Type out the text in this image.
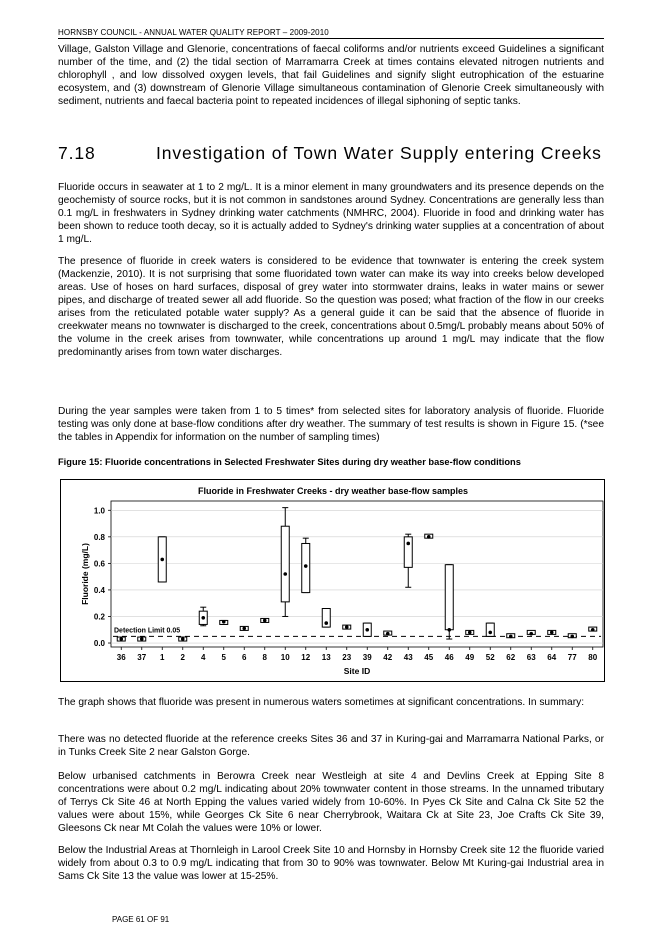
HORNSBY COUNCIL - ANNUAL WATER QUALITY REPORT – 2009-2010

Village, Galston Village and Glenorie, concentrations of faecal coliforms and/or nutrients exceed Guidelines a significant number of the time, and (2) the tidal section of Marramarra Creek at times contains elevated nitrogen nutrients and chlorophyll , and low dissolved oxygen levels, that fail Guidelines and signify slight eutrophication of the estuarine ecosystem, and (3) downstream of Glenorie Village simultaneous contamination of Glenorie Creek simultaneously with sediment, nutrients and faecal bacteria point to repeated incidences of illegal siphoning of septic tanks.

7.18	Investigation of Town Water Supply entering Creeks

Fluoride occurs in seawater at 1 to 2 mg/L. It is a minor element in many groundwaters and its presence depends on the geochemisty of source rocks, but it is not common in sandstones around Sydney. Concentrations are generally less than 0.1 mg/L in freshwaters in Sydney drinking water catchments (NMHRC, 2004). Fluoride in food and drinking water has been shown to reduce tooth decay, so it is actually added to Sydney's drinking water supplies at a concentration of about 1 mg/L.

The presence of fluoride in creek waters is considered to be evidence that townwater is entering the creek system (Mackenzie, 2010). It is not surprising that some fluoridated town water can make its way into creeks below developed areas. Use of hoses on hard surfaces, disposal of grey water into stormwater drains, leaks in water mains or sewer pipes, and discharge of treated sewer all add fluoride. So the question was posed; what fraction of the flow in our creeks arises from the reticulated potable water supply? As a general guide it can be said that the absence of fluoride in creekwater means no townwater is discharged to the creek, concentrations about 0.5mg/L probably means about 50% of the volume in the creek arises from townwater, while concentrations up around 1 mg/L may indicate that the flow predominantly arises from town water discharges.

During the year samples were taken from 1 to 5 times* from selected sites for laboratory analysis of fluoride. Fluoride testing was only done at base-flow conditions after dry weather. The summary of test results is shown in Figure 15. (*see the tables in Appendix for information on the number of sampling times)

Figure 15: Fluoride concentrations in Selected Freshwater Sites during dry weather base-flow conditions

Fluoride in Freshwater Creeks - dry weather base-flow samples
0.0
0.2
0.4
0.6
0.8
1.0
Detection Limit 0.05
36 37 1 2 4 5 6 8 10 12 13 23 39 42 43 45 46 49 52 62 63 64 77 80
Fluoride (mg/L)
Site ID

The graph shows that fluoride was present in numerous waters sometimes at significant concentrations. In summary:

There was no detected fluoride at the reference creeks Sites 36 and 37 in Kuring-gai and Marramarra National Parks, or in Tunks Creek Site 2 near Galston Gorge.

Below urbanised catchments in Berowra Creek near Westleigh at site 4 and Devlins Creek at Epping Site 8 concentrations were about 0.2 mg/L indicating about 20% townwater content in those streams. In the unnamed tributary of Terrys Ck Site 46 at North Epping the values varied widely from 10-60%. In Pyes Ck Site and Calna Ck Site 52 the values were about 15%, while Georges Ck Site 6 near Cherrybrook, Waitara Ck at Site 23, Joe Crafts Ck Site 39, Gleesons Ck near Mt Colah the values were 10% or lower.

Below the Industrial Areas at Thornleigh in Larool Creek Site 10 and Hornsby in Hornsby Creek site 12 the fluoride varied widely from about 0.3 to 0.9 mg/L indicating that from 30 to 90% was townwater. Below Mt Kuring-gai Industrial area in Sams Ck Site 13 the value was lower at 15-25%.

PAGE 61 OF 91
